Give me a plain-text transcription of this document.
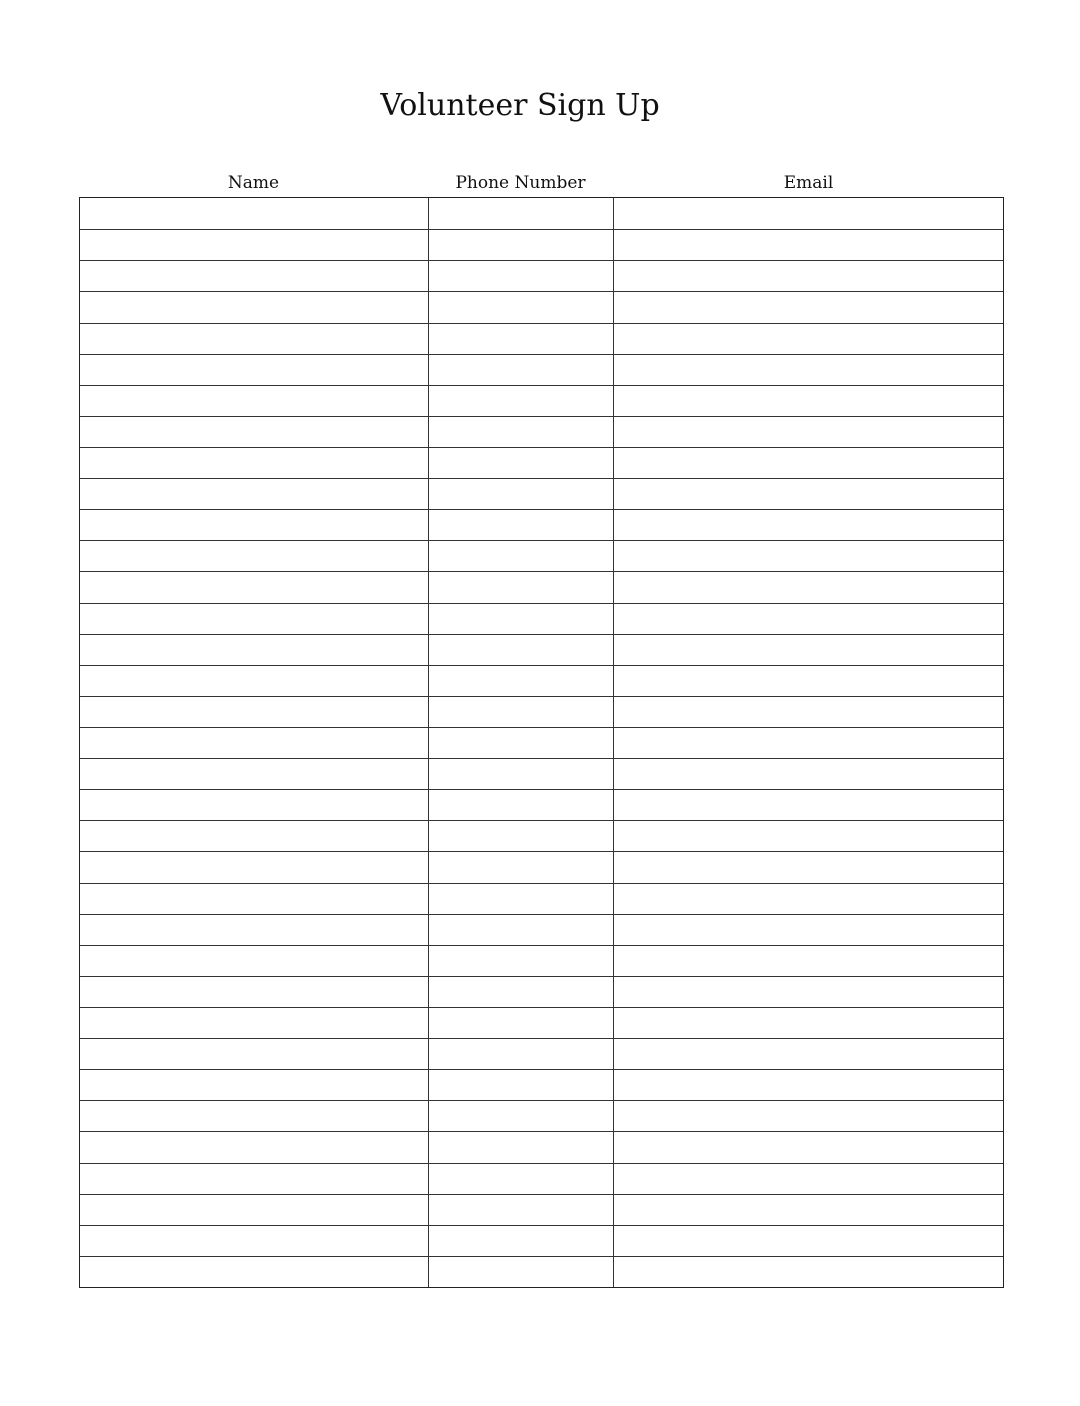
Volunteer Sign Up
Name	Phone Number	Email
